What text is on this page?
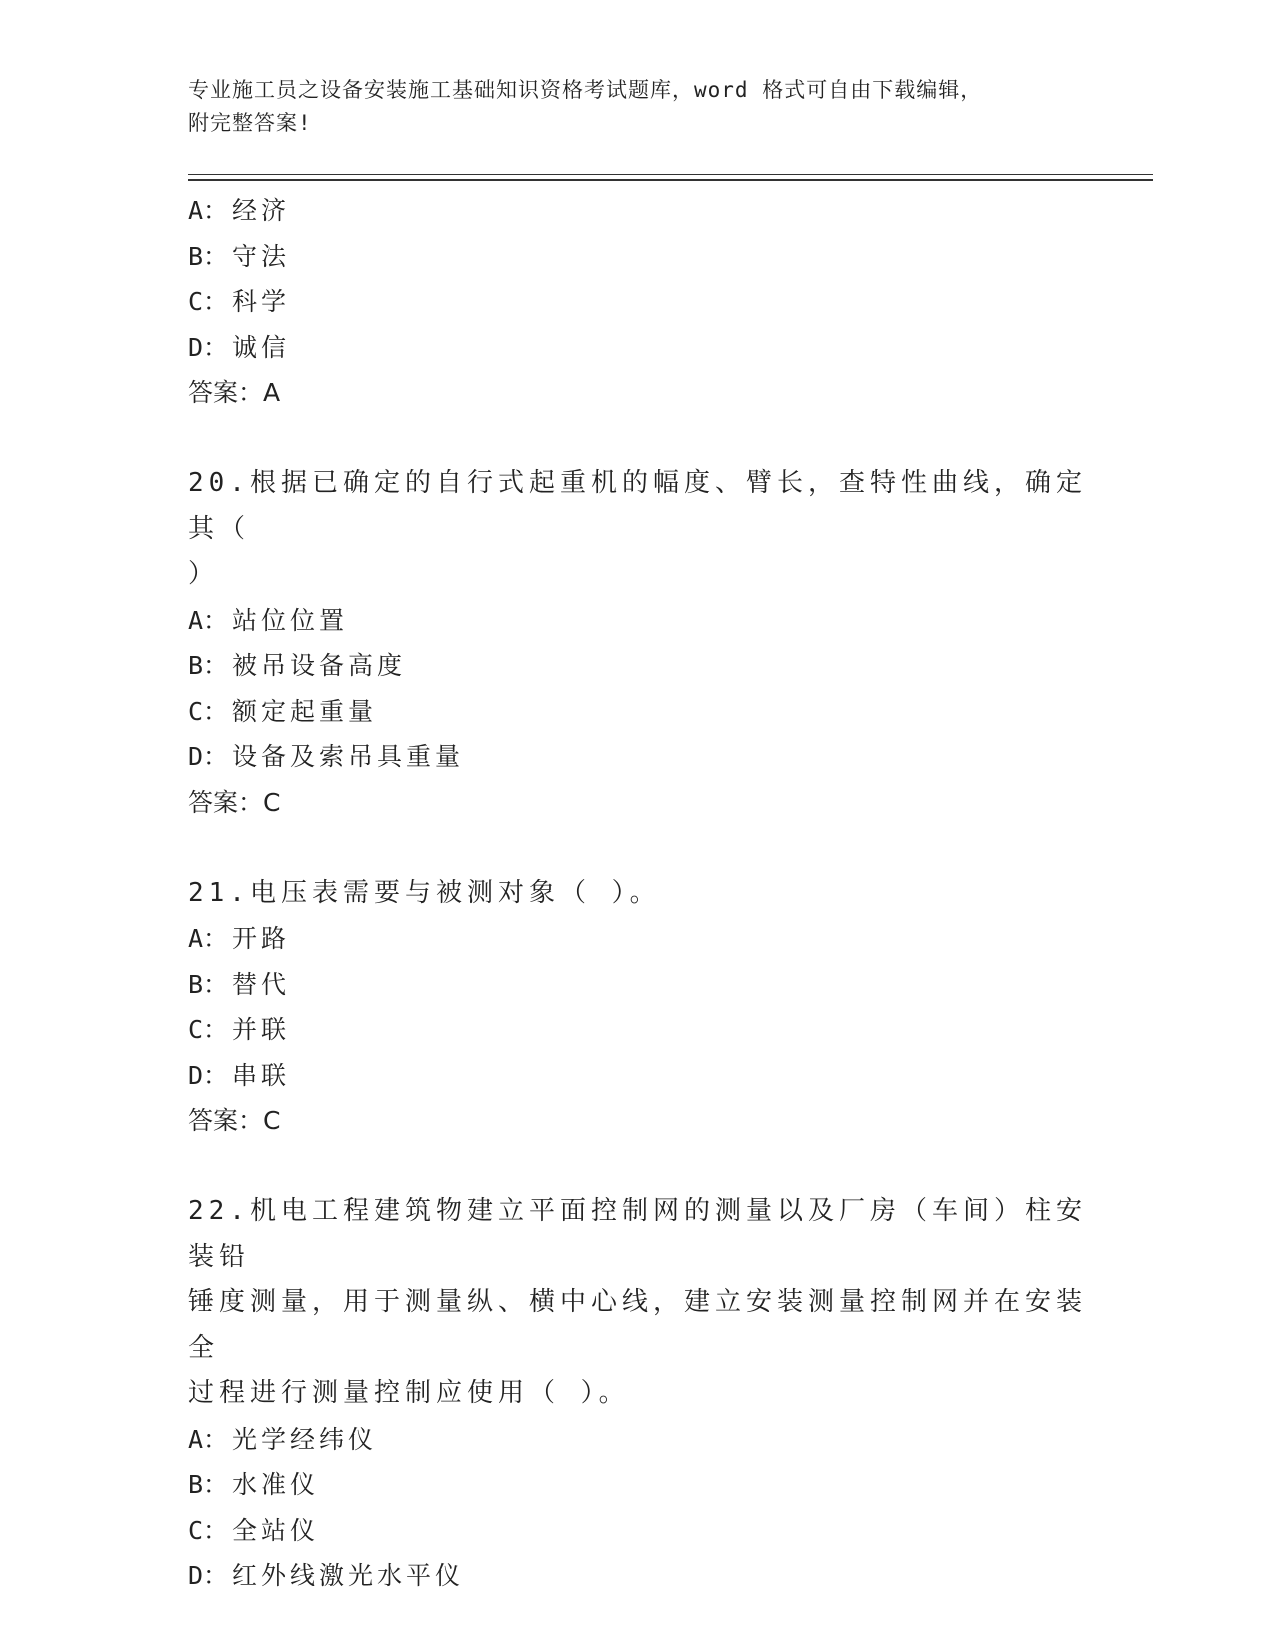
专业施工员之设备安装施工基础知识资格考试题库，word 格式可自由下载编辑，
附完整答案!
A： 经济
B： 守法
C： 科学
D： 诚信
答案：A
20.根据已确定的自行式起重机的幅度、臂长，查特性曲线，确定其（
）
A： 站位位置
B： 被吊设备高度
C： 额定起重量
D： 设备及索吊具重量
答案：C
21.电压表需要与被测对象（ ）。
A： 开路
B： 替代
C： 并联
D： 串联
答案：C
22.机电工程建筑物建立平面控制网的测量以及厂房（车间）柱安装铅
锤度测量，用于测量纵、横中心线，建立安装测量控制网并在安装全
过程进行测量控制应使用（ ）。
A： 光学经纬仪
B： 水准仪
C： 全站仪
D： 红外线激光水平仪
